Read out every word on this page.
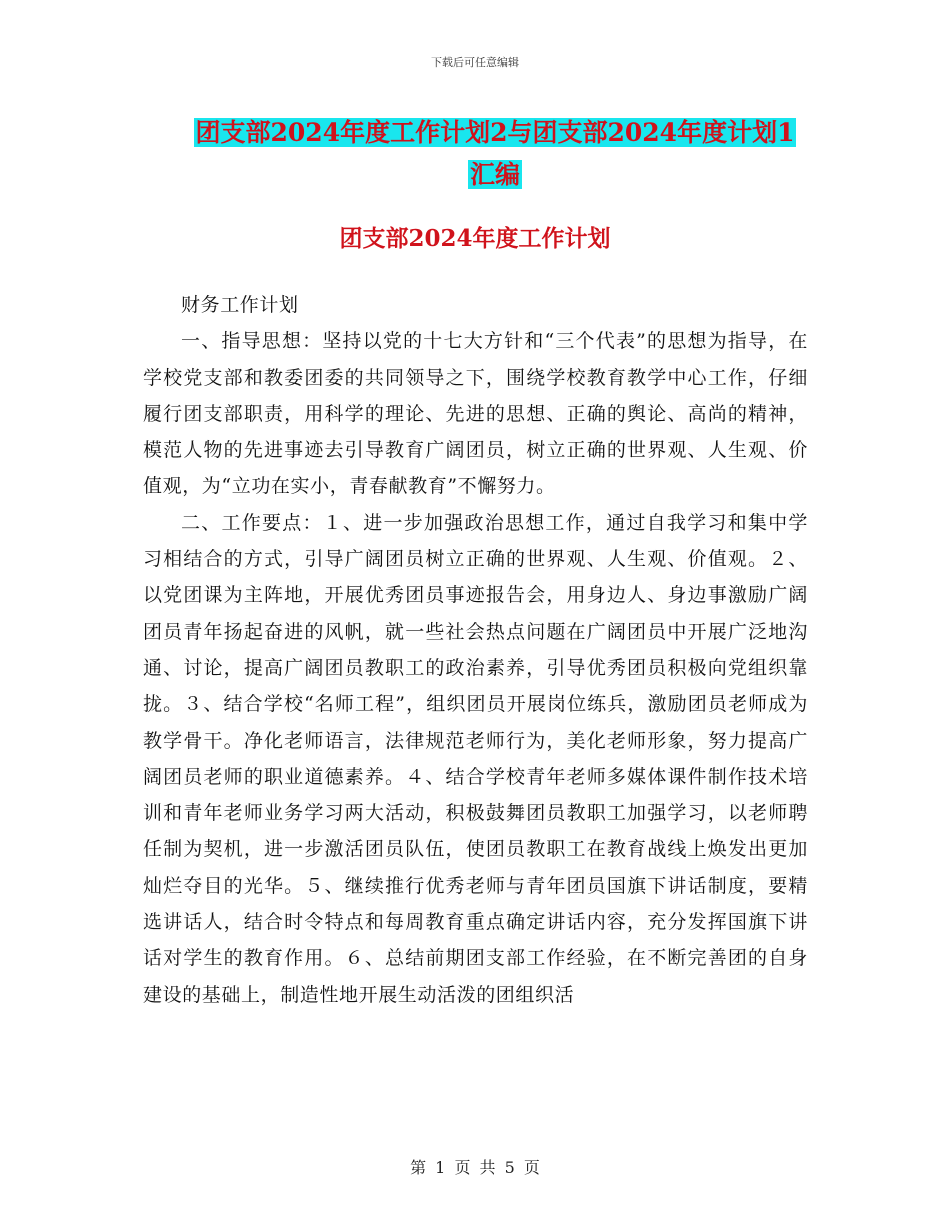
下载后可任意编辑
团支部2024年度工作计划2与团支部2024年度计划1
汇编
团支部2024年度工作计划

财务工作计划

一、指导思想：坚持以党的十七大方针和“三个代表”的思想为指导，在学校党支部和教委团委的共同领导之下，围绕学校教育教学中心工作，仔细履行团支部职责，用科学的理论、先进的思想、正确的舆论、高尚的精神，模范人物的先进事迹去引导教育广阔团员，树立正确的世界观、人生观、价值观，为“立功在实小，青春献教育”不懈努力。

二、工作要点：１、进一步加强政治思想工作，通过自我学习和集中学习相结合的方式，引导广阔团员树立正确的世界观、人生观、价值观。２、以党团课为主阵地，开展优秀团员事迹报告会，用身边人、身边事激励广阔团员青年扬起奋进的风帆，就一些社会热点问题在广阔团员中开展广泛地沟通、讨论，提高广阔团员教职工的政治素养，引导优秀团员积极向党组织靠拢。３、结合学校“名师工程”，组织团员开展岗位练兵，激励团员老师成为教学骨干。净化老师语言，法律规范老师行为，美化老师形象，努力提高广阔团员老师的职业道德素养。４、结合学校青年老师多媒体课件制作技术培训和青年老师业务学习两大活动，积极鼓舞团员教职工加强学习，以老师聘任制为契机，进一步激活团员队伍，使团员教职工在教育战线上焕发出更加灿烂夺目的光华。５、继续推行优秀老师与青年团员国旗下讲话制度，要精选讲话人，结合时令特点和每周教育重点确定讲话内容，充分发挥国旗下讲话对学生的教育作用。６、总结前期团支部工作经验，在不断完善团的自身建设的基础上，制造性地开展生动活泼的团组织活

第 1 页 共 5 页
